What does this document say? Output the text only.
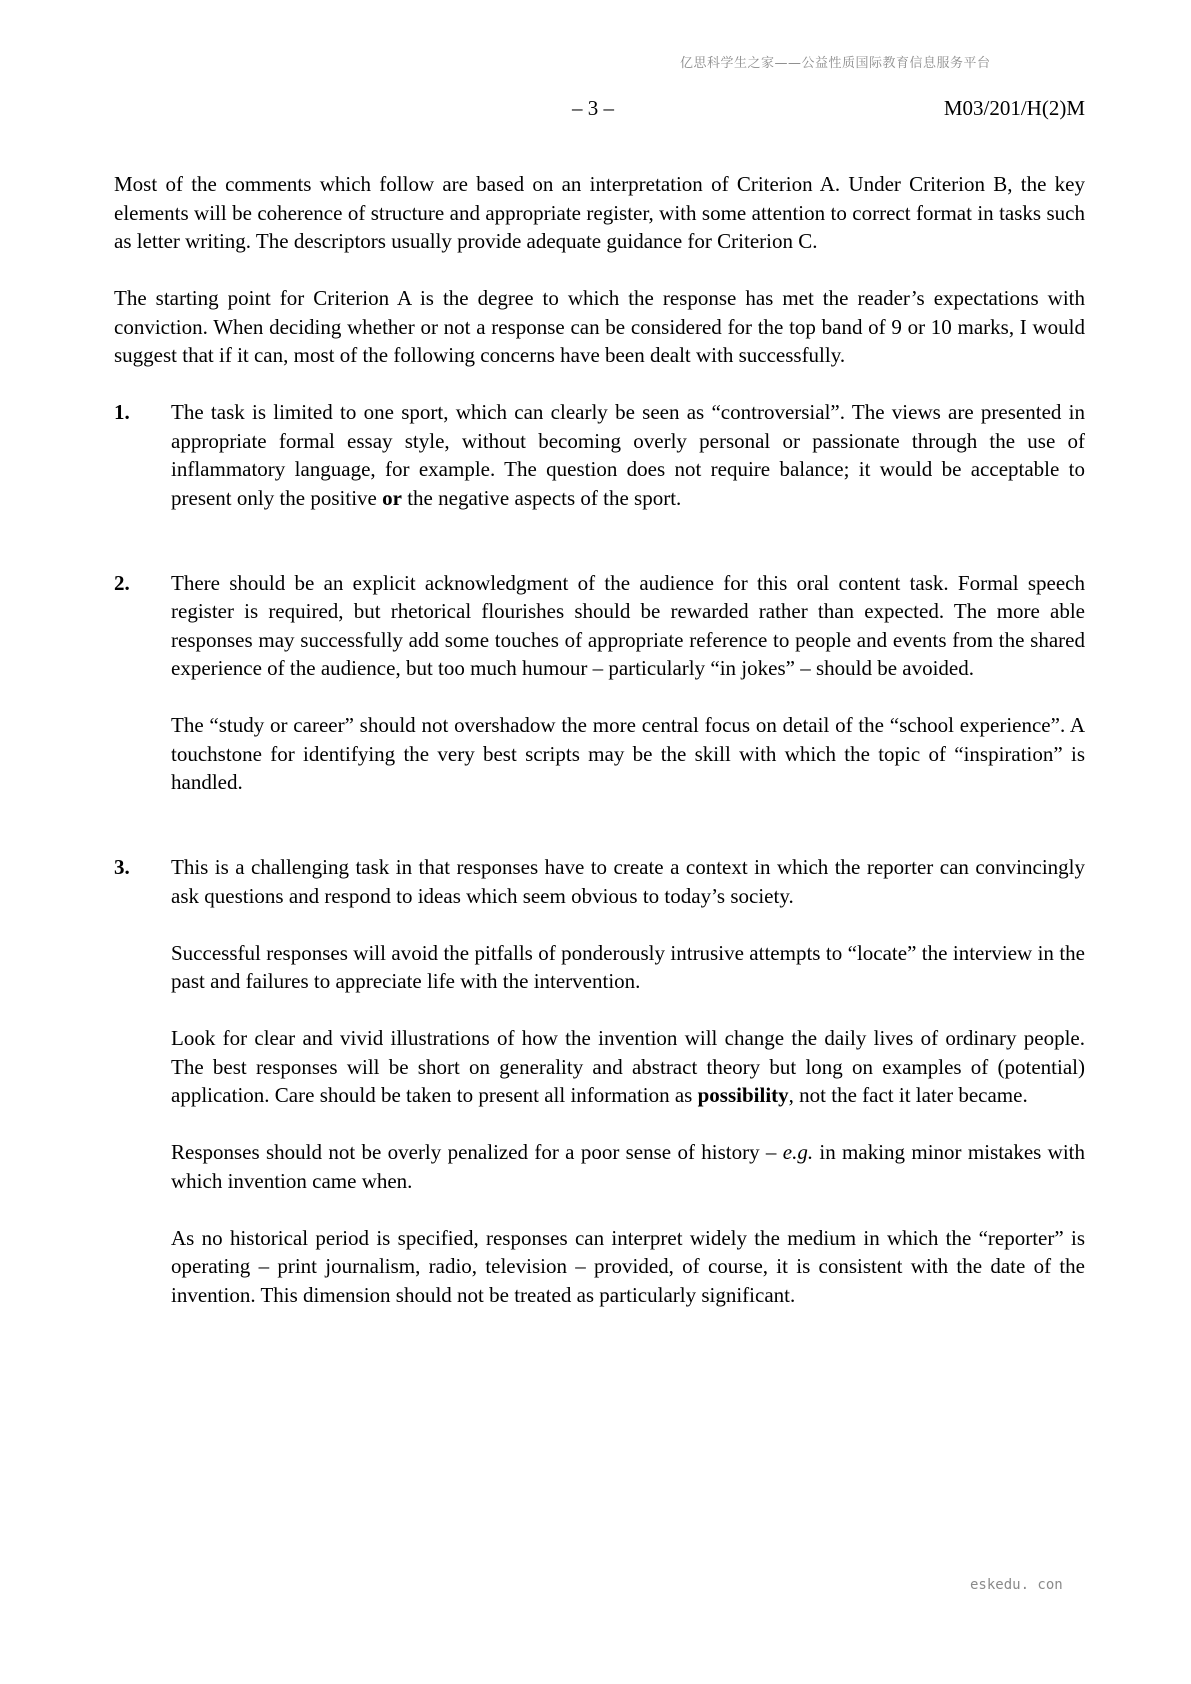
亿思科学生之家——公益性质国际教育信息服务平台
– 3 –	M03/201/H(2)M

Most of the comments which follow are based on an interpretation of Criterion A. Under Criterion B, the key elements will be coherence of structure and appropriate register, with some attention to correct format in tasks such as letter writing. The descriptors usually provide adequate guidance for Criterion C.

The starting point for Criterion A is the degree to which the response has met the reader’s expectations with conviction. When deciding whether or not a response can be considered for the top band of 9 or 10 marks, I would suggest that if it can, most of the following concerns have been dealt with successfully.

1.	The task is limited to one sport, which can clearly be seen as “controversial”. The views are presented in appropriate formal essay style, without becoming overly personal or passionate through the use of inflammatory language, for example. The question does not require balance; it would be acceptable to present only the positive or the negative aspects of the sport.

2.	There should be an explicit acknowledgment of the audience for this oral content task. Formal speech register is required, but rhetorical flourishes should be rewarded rather than expected. The more able responses may successfully add some touches of appropriate reference to people and events from the shared experience of the audience, but too much humour – particularly “in jokes” – should be avoided.

The “study or career” should not overshadow the more central focus on detail of the “school experience”. A touchstone for identifying the very best scripts may be the skill with which the topic of “inspiration” is handled.

3.	This is a challenging task in that responses have to create a context in which the reporter can convincingly ask questions and respond to ideas which seem obvious to today’s society.

Successful responses will avoid the pitfalls of ponderously intrusive attempts to “locate” the interview in the past and failures to appreciate life with the intervention.

Look for clear and vivid illustrations of how the invention will change the daily lives of ordinary people. The best responses will be short on generality and abstract theory but long on examples of (potential) application. Care should be taken to present all information as possibility, not the fact it later became.

Responses should not be overly penalized for a poor sense of history – e.g. in making minor mistakes with which invention came when.

As no historical period is specified, responses can interpret widely the medium in which the “reporter” is operating – print journalism, radio, television – provided, of course, it is consistent with the date of the invention. This dimension should not be treated as particularly significant.

eskedu. con
